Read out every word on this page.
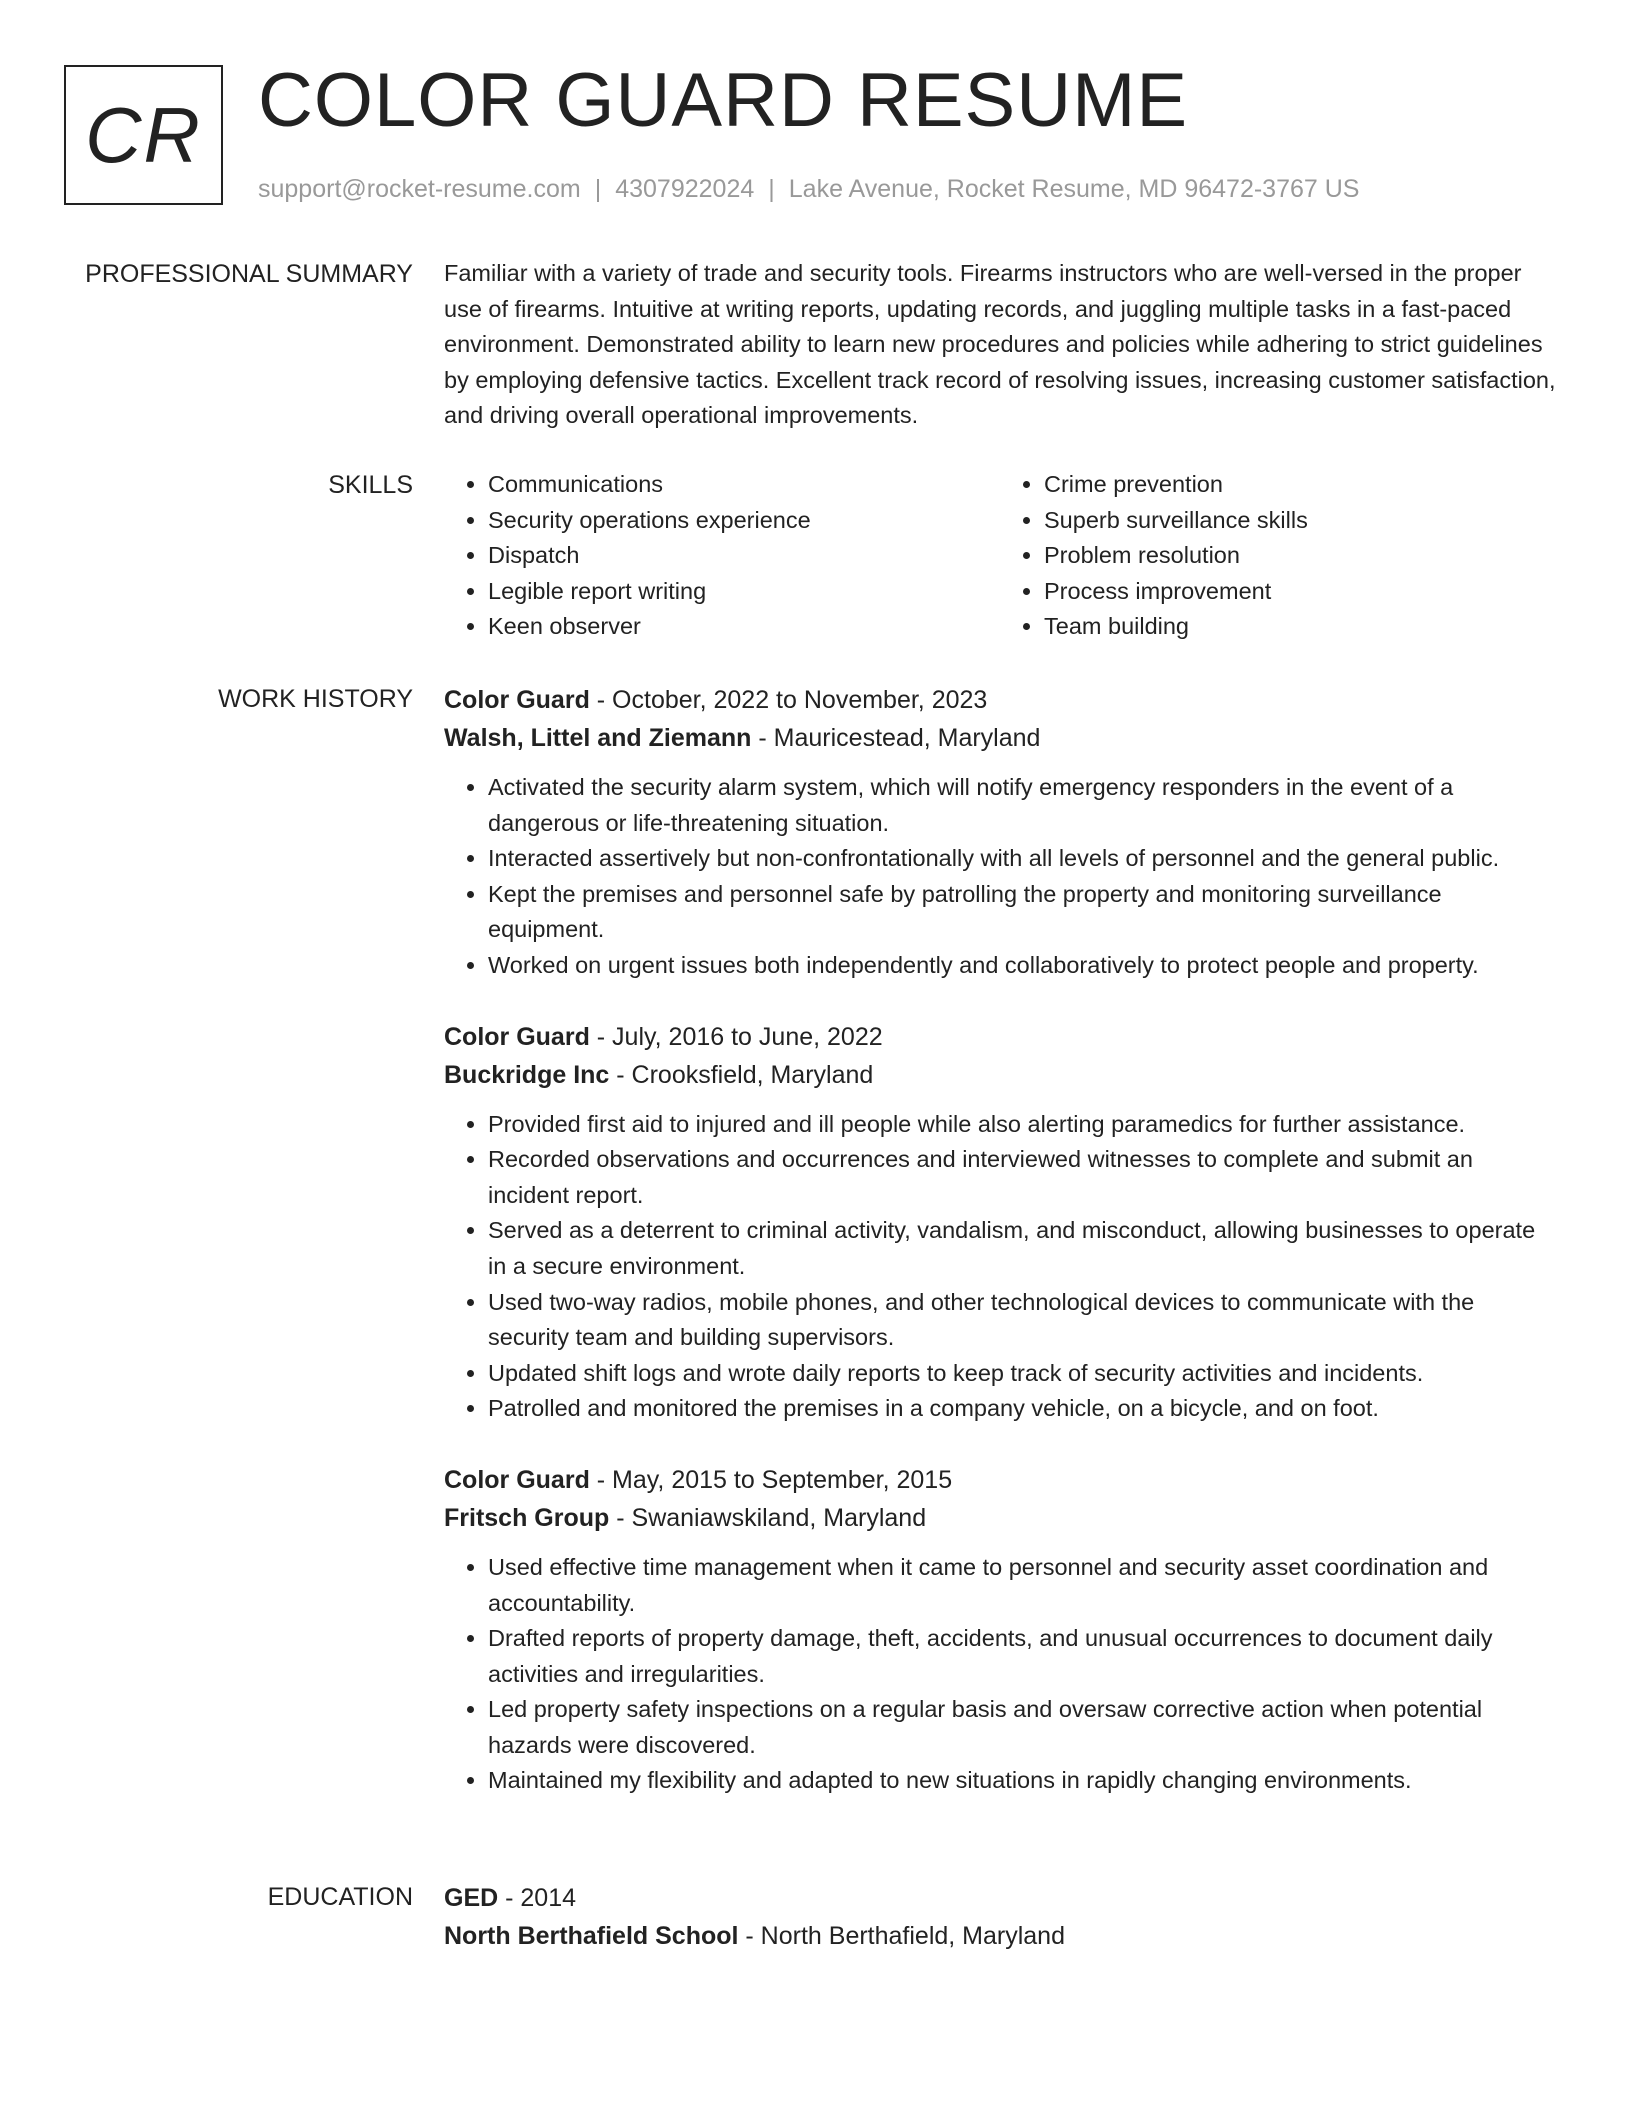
CR COLOR GUARD RESUME
support@rocket-resume.com | 4307922024 | Lake Avenue, Rocket Resume, MD 96472-3767 US
PROFESSIONAL SUMMARY Familiar with a variety of trade and security tools. Firearms instructors who are well-versed in the proper use of firearms. Intuitive at writing reports, updating records, and juggling multiple tasks in a fast-paced environment. Demonstrated ability to learn new procedures and policies while adhering to strict guidelines by employing defensive tactics. Excellent track record of resolving issues, increasing customer satisfaction, and driving overall operational improvements.

SKILLS
•	Communications
• Security operations experience
• Dispatch
• Legible report writing
• Keen observer
• Crime prevention
• Superb surveillance skills
• Problem resolution
• Process improvement
• Team building
WORK HISTORY Color Guard - October, 2022 to November, 2023
Walsh, Littel and Ziemann - Mauricestead, Maryland
• Activated the security alarm system, which will notify emergency responders in the event of a dangerous or life-threatening situation.
• Interacted assertively but non-confrontationally with all levels of personnel and the general public.
• Kept the premises and personnel safe by patrolling the property and monitoring surveillance equipment.
• Worked on urgent issues both independently and collaboratively to protect people and property.
Color Guard - July, 2016 to June, 2022
Buckridge Inc - Crooksfield, Maryland
• Provided first aid to injured and ill people while also alerting paramedics for further assistance.
• Recorded observations and occurrences and interviewed witnesses to complete and submit an incident report.
• Served as a deterrent to criminal activity, vandalism, and misconduct, allowing businesses to operate in a secure environment.
• Used two-way radios, mobile phones, and other technological devices to communicate with the security team and building supervisors.
• Updated shift logs and wrote daily reports to keep track of security activities and incidents.
• Patrolled and monitored the premises in a company vehicle, on a bicycle, and on foot.
Color Guard - May, 2015 to September, 2015
Fritsch Group - Swaniawskiland, Maryland
• Used effective time management when it came to personnel and security asset coordination and accountability.
• Drafted reports of property damage, theft, accidents, and unusual occurrences to document daily activities and irregularities.
• Led property safety inspections on a regular basis and oversaw corrective action when potential hazards were discovered.
• Maintained my flexibility and adapted to new situations in rapidly changing environments.
EDUCATION GED - 2014
North Berthafield School - North Berthafield, Maryland
